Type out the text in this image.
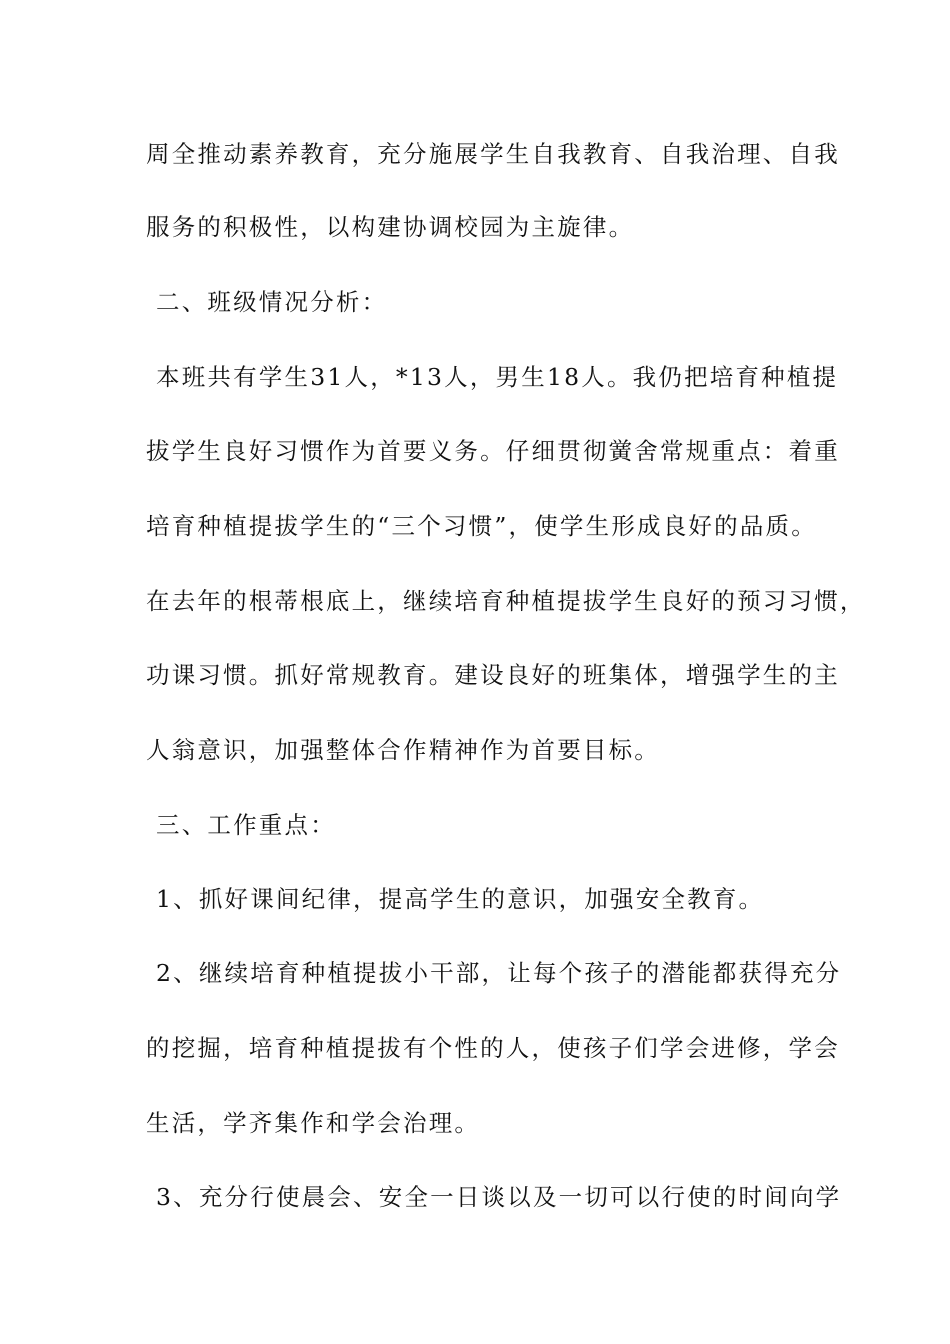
周全推动素养教育，充分施展学生自我教育、自我治理、自我
服务的积极性，以构建协调校园为主旋律。
二、班级情况分析：
本班共有学生31人，*13人，男生18人。我仍把培育种植提
拔学生良好习惯作为首要义务。仔细贯彻黉舍常规重点：着重
培育种植提拔学生的“三个习惯”，使学生形成良好的品质。
在去年的根蒂根底上，继续培育种植提拔学生良好的预习习惯，
功课习惯。抓好常规教育。建设良好的班集体，增强学生的主
人翁意识，加强整体合作精神作为首要目标。
三、工作重点：
1、抓好课间纪律，提高学生的意识，加强安全教育。
2、继续培育种植提拔小干部，让每个孩子的潜能都获得充分
的挖掘，培育种植提拔有个性的人，使孩子们学会进修，学会
生活，学齐集作和学会治理。
3、充分行使晨会、安全一日谈以及一切可以行使的时间向学
